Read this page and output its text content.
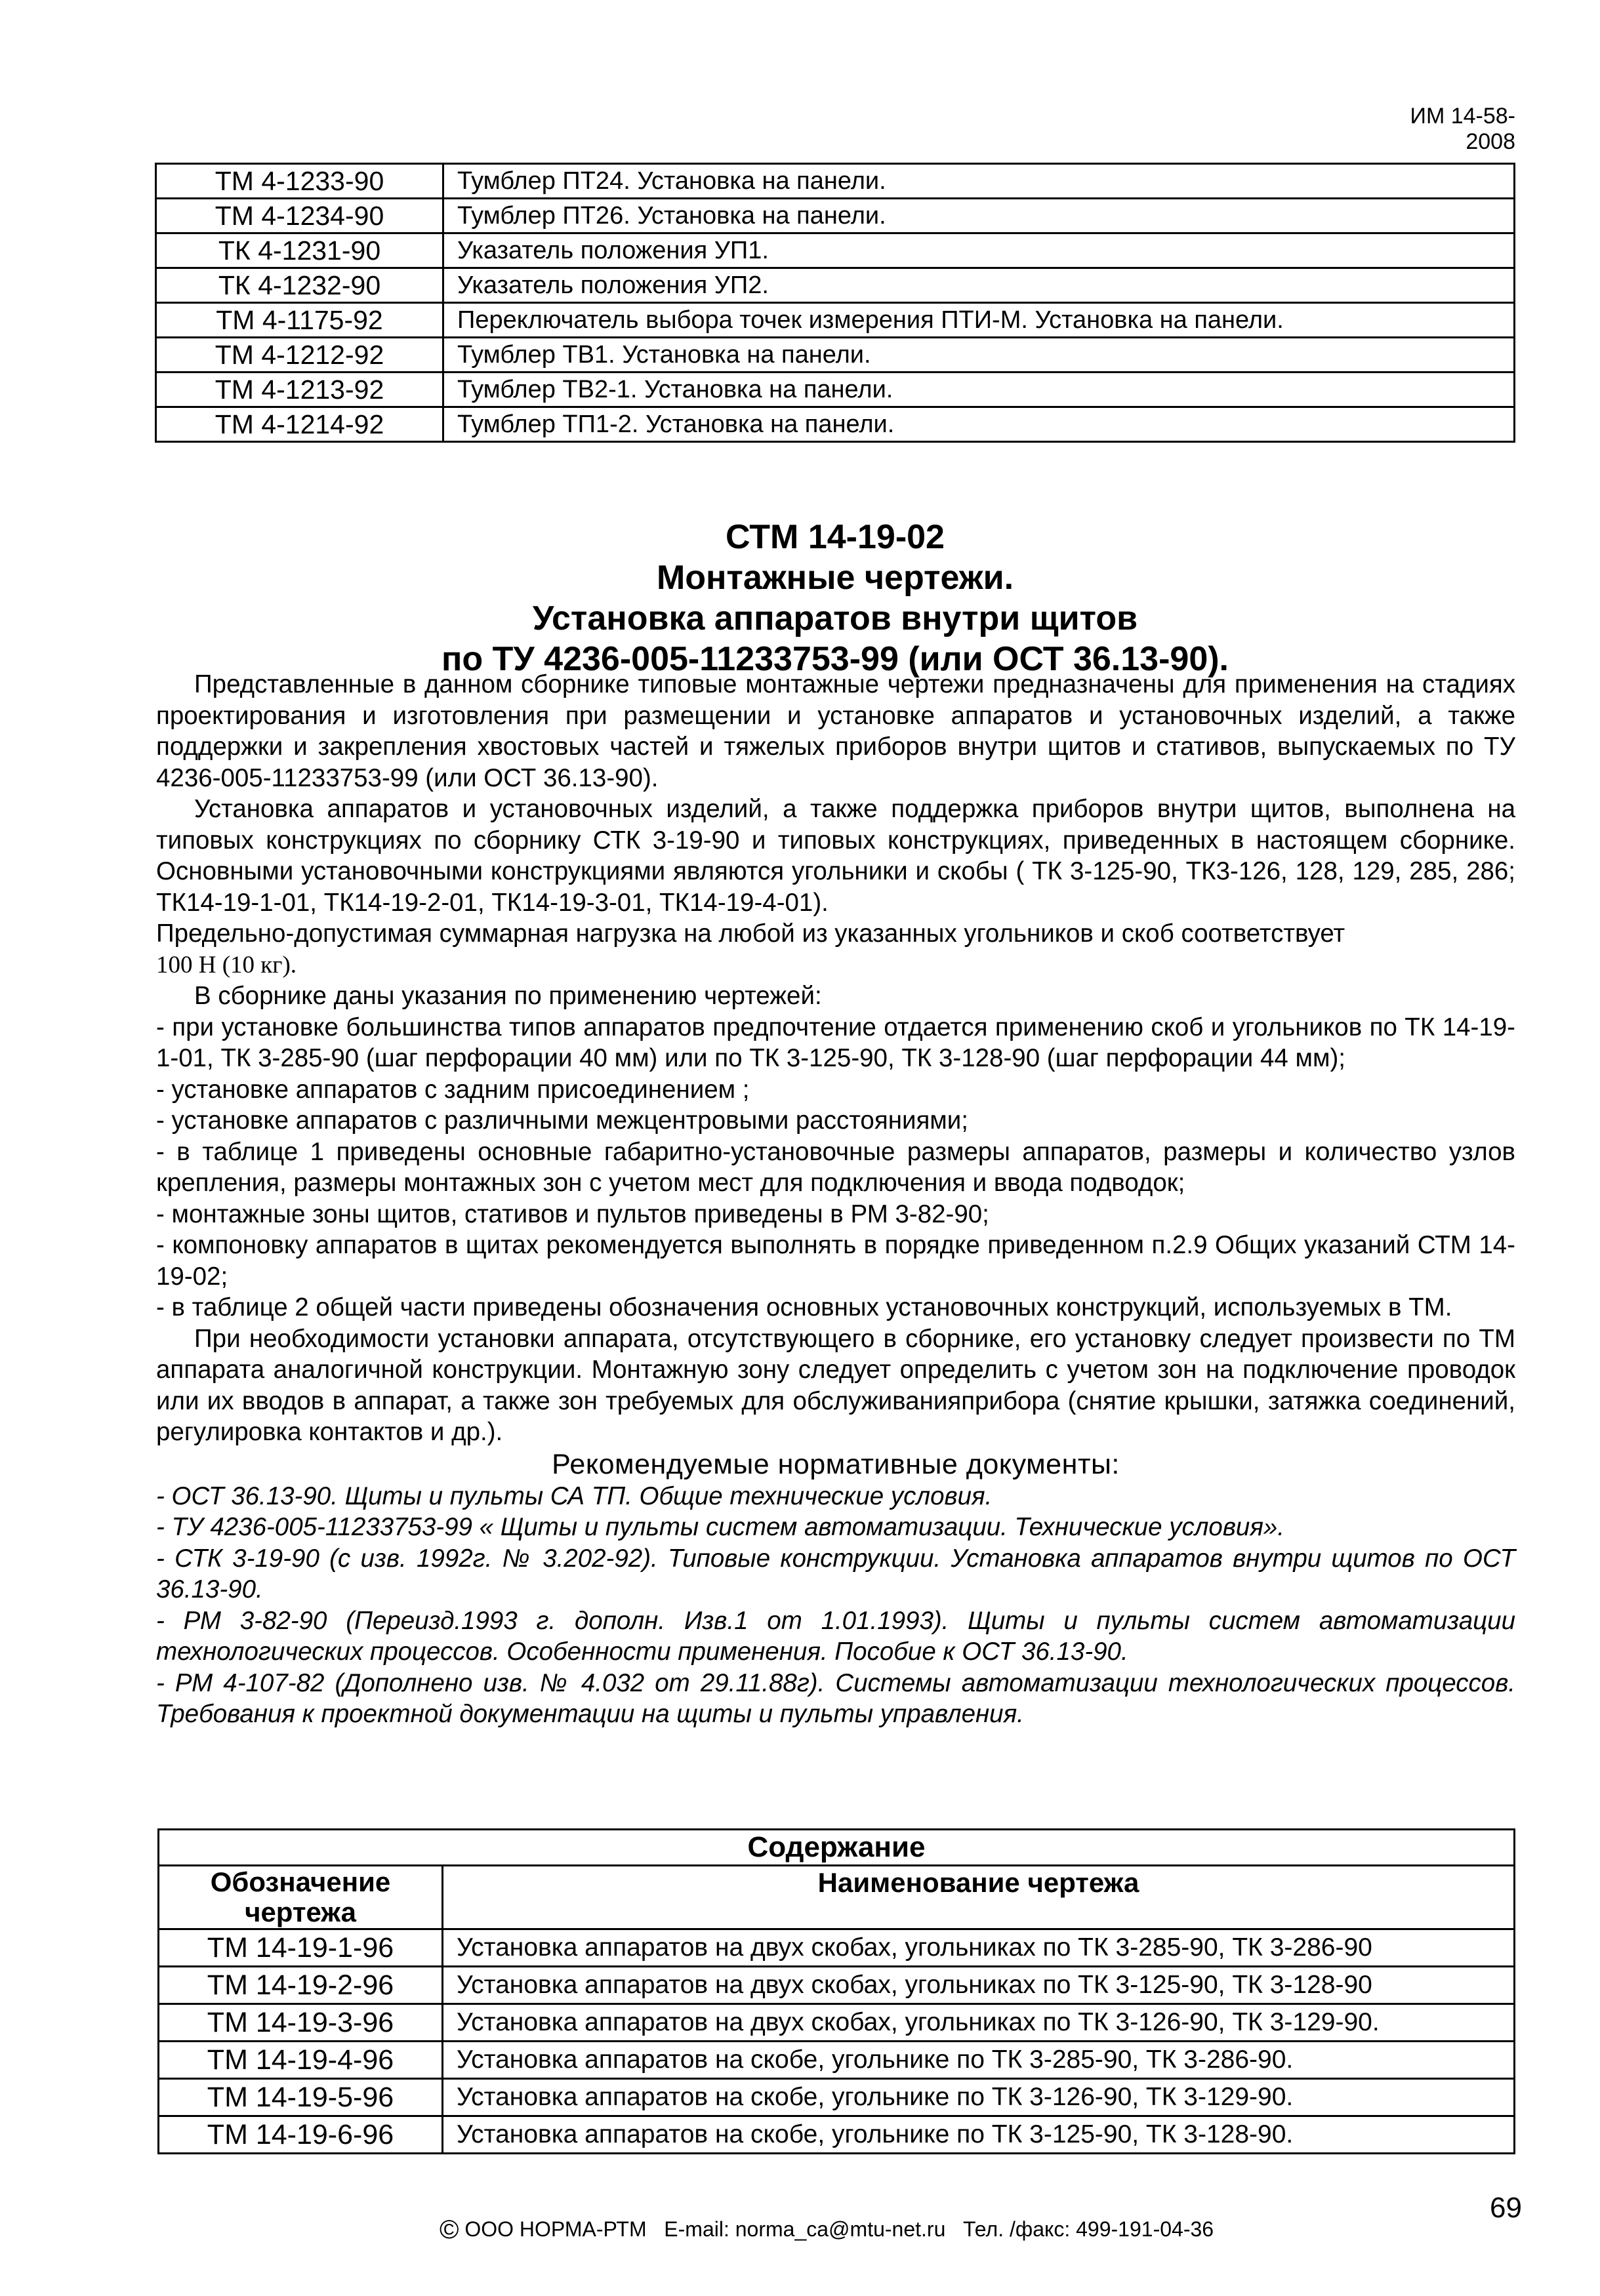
ИМ 14-58-2008
ТМ 4-1233-90	Тумблер ПТ24. Установка на панели.
ТМ 4-1234-90	Тумблер ПТ26. Установка на панели.
ТК 4-1231-90	Указатель положения УП1.
ТК 4-1232-90	Указатель положения УП2.
ТМ 4-1175-92	Переключатель выбора точек измерения ПТИ-М. Установка на панели.
ТМ 4-1212-92	Тумблер ТВ1. Установка на панели.
ТМ 4-1213-92	Тумблер ТВ2-1. Установка на панели.
ТМ 4-1214-92	Тумблер ТП1-2. Установка на панели.
СТМ 14-19-02
Монтажные чертежи.
Установка аппаратов внутри щитов
по ТУ 4236-005-11233753-99 (или ОСТ 36.13-90).

Представленные в данном сборнике типовые монтажные чертежи предназначены для применения на стадиях проектирования и изготовления при размещении и установке аппаратов и установочных изделий, а также поддержки и закрепления хвостовых частей и тяжелых приборов внутри щитов и стативов, выпускаемых по ТУ 4236-005-11233753-99 (или ОСТ 36.13-90).

Установка аппаратов и установочных изделий, а также поддержка приборов внутри щитов, выполнена на типовых конструкциях по сборнику СТК 3-19-90 и типовых конструкциях, приведенных в настоящем сборнике. Основными установочными конструкциями являются угольники и скобы ( ТК 3-125-90, ТК3-126, 128, 129, 285, 286; ТК14-19-1-01, ТК14-19-2-01, ТК14-19-3-01, ТК14-19-4-01).

Предельно-допустимая суммарная нагрузка на любой из указанных угольников и скоб соответствует

100 Н (10 кг).

В сборнике даны указания по применению чертежей:

- при установке большинства типов аппаратов предпочтение отдается применению скоб и угольников по ТК 14-19-1-01, ТК 3-285-90 (шаг перфорации 40 мм) или по ТК 3-125-90, ТК 3-128-90 (шаг перфорации 44 мм);

- установке аппаратов с задним присоединением ;

- установке аппаратов с различными межцентровыми расстояниями;

- в таблице 1 приведены основные габаритно-установочные размеры аппаратов, размеры и количество узлов крепления, размеры монтажных зон с учетом мест для подключения и ввода подводок;

- монтажные зоны щитов, стативов и пультов приведены в РМ 3-82-90;

- компоновку аппаратов в щитах рекомендуется выполнять в порядке приведенном п.2.9 Общих указаний СТМ 14-19-02;

- в таблице 2 общей части приведены обозначения основных установочных конструкций, используемых в ТМ.

При необходимости установки аппарата, отсутствующего в сборнике, его установку следует произвести по ТМ аппарата аналогичной конструкции. Монтажную зону следует определить с учетом зон на подключение проводок или их вводов в аппарат, а также зон требуемых для обслуживанияприбора (снятие крышки, затяжка соединений, регулировка контактов и др.).

Рекомендуемые нормативные документы:

- ОСТ 36.13-90. Щиты и пульты СА ТП. Общие технические условия.

- ТУ 4236-005-11233753-99 « Щиты и пульты систем автоматизации. Технические условия».

- СТК 3-19-90 (с изв. 1992г. № 3.202-92). Типовые конструкции. Установка аппаратов внутри щитов по ОСТ 36.13-90.

- РМ 3-82-90 (Переизд.1993 г. дополн. Изв.1 от 1.01.1993). Щиты и пульты систем автоматизации технологических процессов. Особенности применения. Пособие к ОСТ 36.13-90.

- РМ 4-107-82 (Дополнено изв. № 4.032 от 29.11.88г). Системы автоматизации технологических процессов. Требования к проектной документации на щиты и пульты управления.

Содержание	
Обозначение чертежа	Наименование чертежа
ТМ 14-19-1-96	Установка аппаратов на двух скобах, угольниках по ТК 3-285-90, ТК 3-286-90
ТМ 14-19-2-96	Установка аппаратов на двух скобах, угольниках по ТК 3-125-90, ТК 3-128-90
ТМ 14-19-3-96	Установка аппаратов на двух скобах, угольниках по ТК 3-126-90, ТК 3-129-90.
ТМ 14-19-4-96	Установка аппаратов на скобе, угольнике по ТК 3-285-90, ТК 3-286-90.
ТМ 14-19-5-96	Установка аппаратов на скобе, угольнике по ТК 3-126-90, ТК 3-129-90.
ТМ 14-19-6-96	Установка аппаратов на скобе, угольнике по ТК 3-125-90, ТК 3-128-90.
© ООО НОРМА-РТМ E-mail: norma_ca@mtu-net.ru Тел. /факс: 499-191-04-36
69
